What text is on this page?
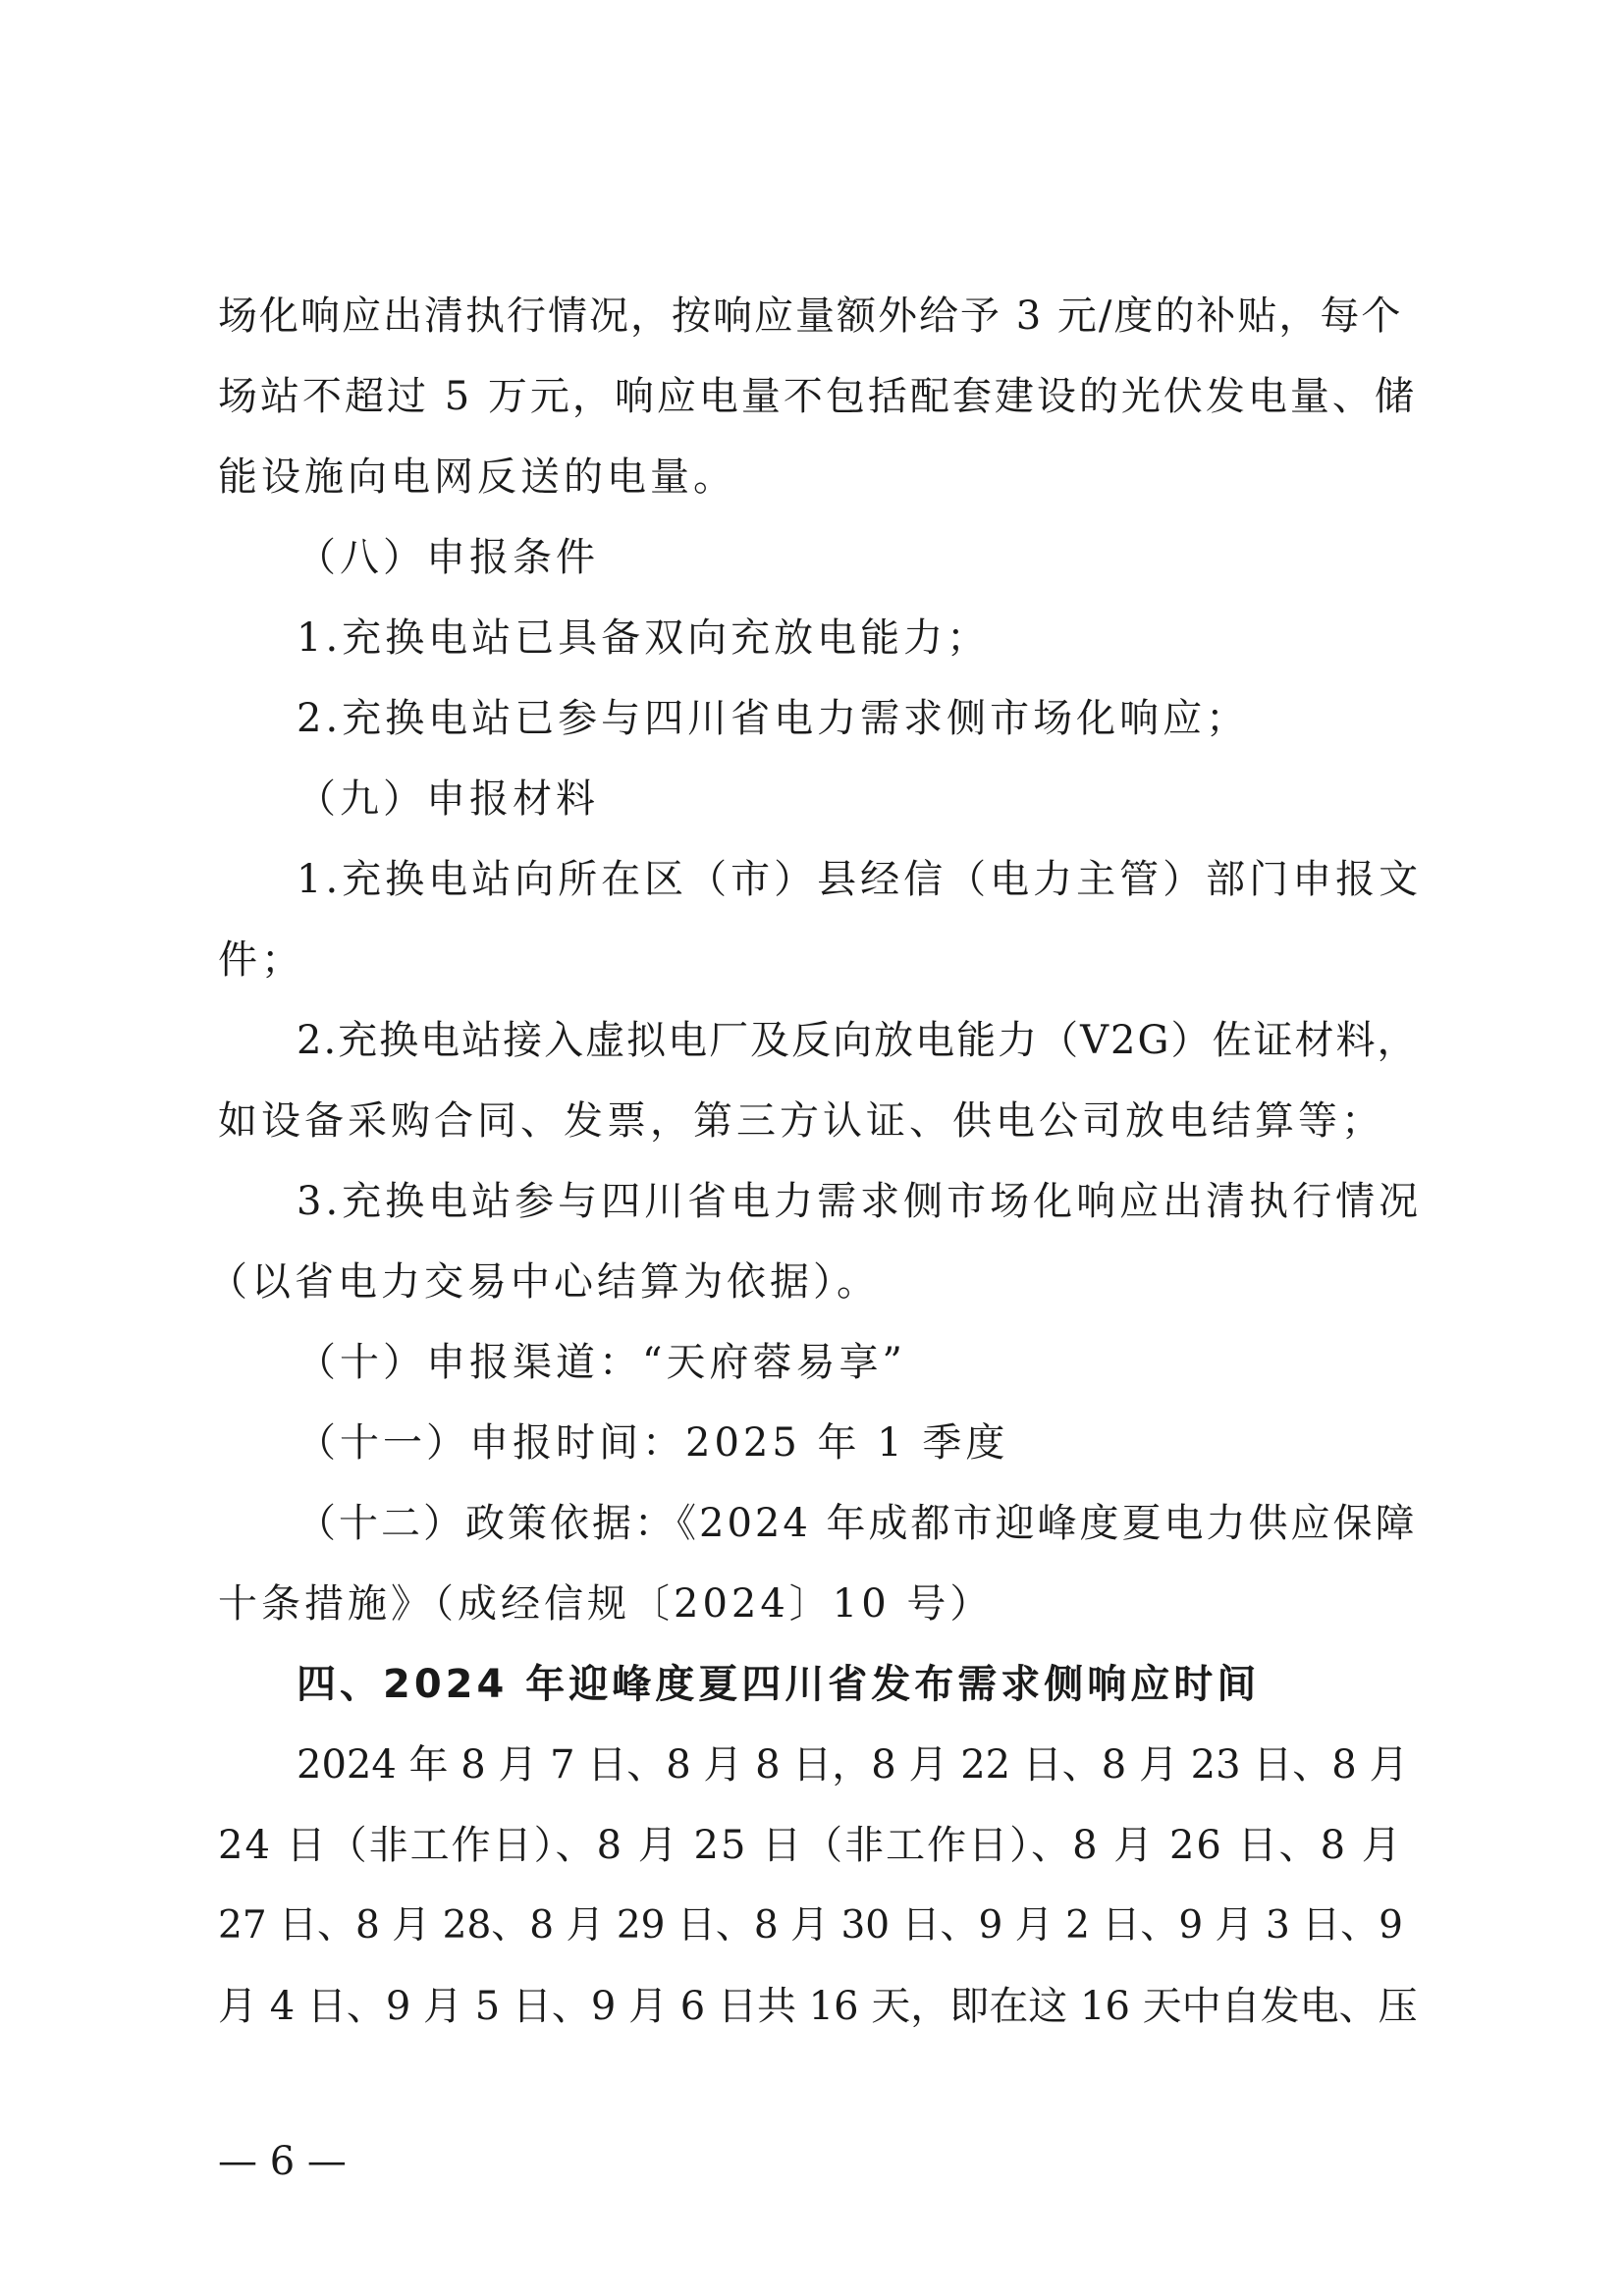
场化响应出清执行情况，按响应量额外给予 3 元/度的补贴，每个
场站不超过 5 万元，响应电量不包括配套建设的光伏发电量、储
能设施向电网反送的电量。
（八）申报条件
1.充换电站已具备双向充放电能力；
2.充换电站已参与四川省电力需求侧市场化响应；
（九）申报材料
1.充换电站向所在区（市）县经信（电力主管）部门申报文
件；
2.充换电站接入虚拟电厂及反向放电能力（V2G）佐证材料，
如设备采购合同、发票，第三方认证、供电公司放电结算等；
3.充换电站参与四川省电力需求侧市场化响应出清执行情况
（以省电力交易中心结算为依据）。
（十）申报渠道：“天府蓉易享”
（十一）申报时间：2025 年 1 季度
（十二）政策依据：《2024 年成都市迎峰度夏电力供应保障
十条措施》（成经信规〔2024〕10 号）
四、2024 年迎峰度夏四川省发布需求侧响应时间
2024 年 8 月 7 日、8 月 8 日，8 月 22 日、8 月 23 日、8 月
24 日（非工作日）、8 月 25 日（非工作日）、8 月 26 日、8 月
27 日、8 月 28、8 月 29 日、8 月 30 日、9 月 2 日、9 月 3 日、9
月 4 日、9 月 5 日、9 月 6 日共 16 天，即在这 16 天中自发电、压
— 6 —
